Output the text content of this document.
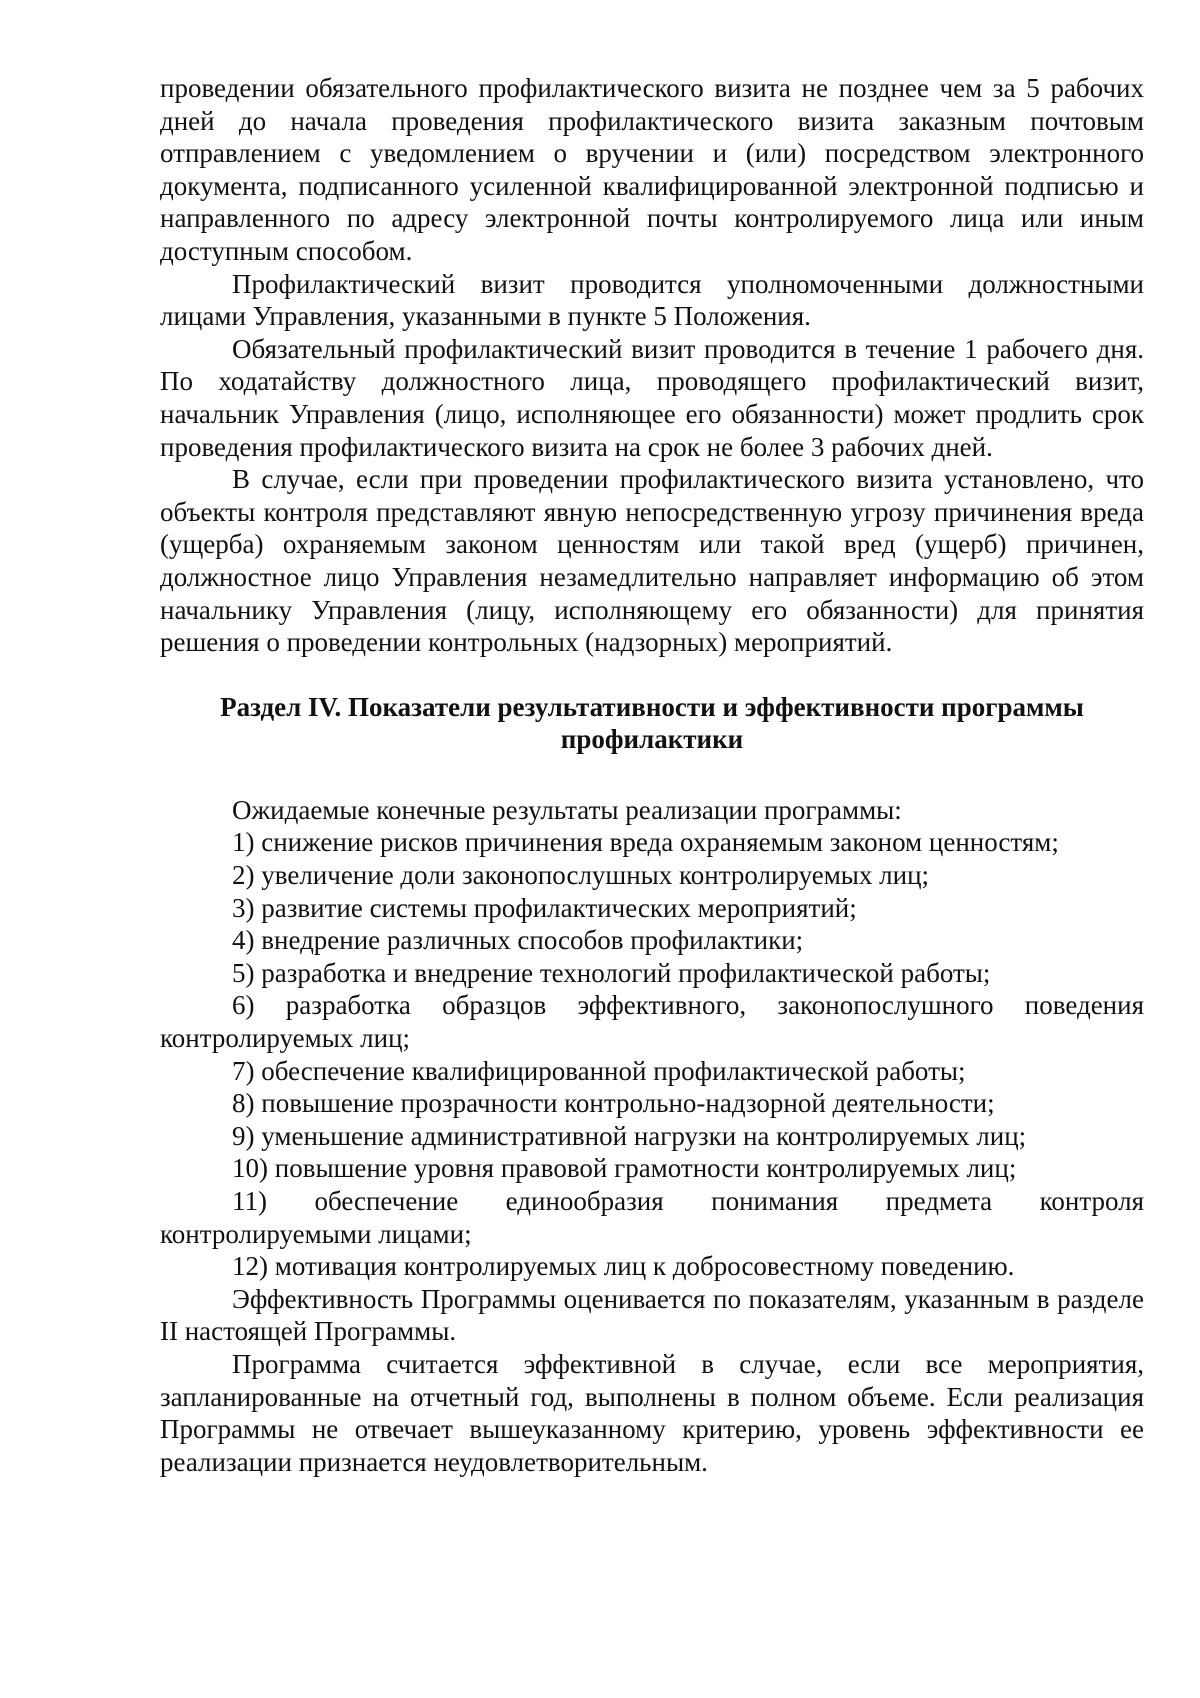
проведении обязательного профилактического визита не позднее чем за 5 рабочих дней до начала проведения профилактического визита заказным почтовым отправлением с уведомлением о вручении и (или) посредством электронного документа, подписанного усиленной квалифицированной электронной подписью и направленного по адресу электронной почты контролируемого лица или иным доступным способом.

Профилактический визит проводится уполномоченными должностными лицами Управления, указанными в пункте 5 Положения.

Обязательный профилактический визит проводится в течение 1 рабочего дня. По ходатайству должностного лица, проводящего профилактический визит, начальник Управления (лицо, исполняющее его обязанности) может продлить срок проведения профилактического визита на срок не более 3 рабочих дней.

В случае, если при проведении профилактического визита установлено, что объекты контроля представляют явную непосредственную угрозу причинения вреда (ущерба) охраняемым законом ценностям или такой вред (ущерб) причинен, должностное лицо Управления незамедлительно направляет информацию об этом начальнику Управления (лицу, исполняющему его обязанности) для принятия решения о проведении контрольных (надзорных) мероприятий.

Раздел IV. Показатели результативности и эффективности программы

профилактики

Ожидаемые конечные результаты реализации программы:

1) снижение рисков причинения вреда охраняемым законом ценностям;

2) увеличение доли законопослушных контролируемых лиц;

3) развитие системы профилактических мероприятий;

4) внедрение различных способов профилактики;

5) разработка и внедрение технологий профилактической работы;

6) разработка образцов эффективного, законопослушного поведения контролируемых лиц;

7) обеспечение квалифицированной профилактической работы;

8) повышение прозрачности контрольно-надзорной деятельности;

9) уменьшение административной нагрузки на контролируемых лиц;

10) повышение уровня правовой грамотности контролируемых лиц;

11) обеспечение единообразия понимания предмета контроля контролируемыми лицами;

12) мотивация контролируемых лиц к добросовестному поведению.

Эффективность Программы оценивается по показателям, указанным в разделе II настоящей Программы.

Программа считается эффективной в случае, если все мероприятия, запланированные на отчетный год, выполнены в полном объеме. Если реализация Программы не отвечает вышеуказанному критерию, уровень эффективности ее реализации признается неудовлетворительным.
